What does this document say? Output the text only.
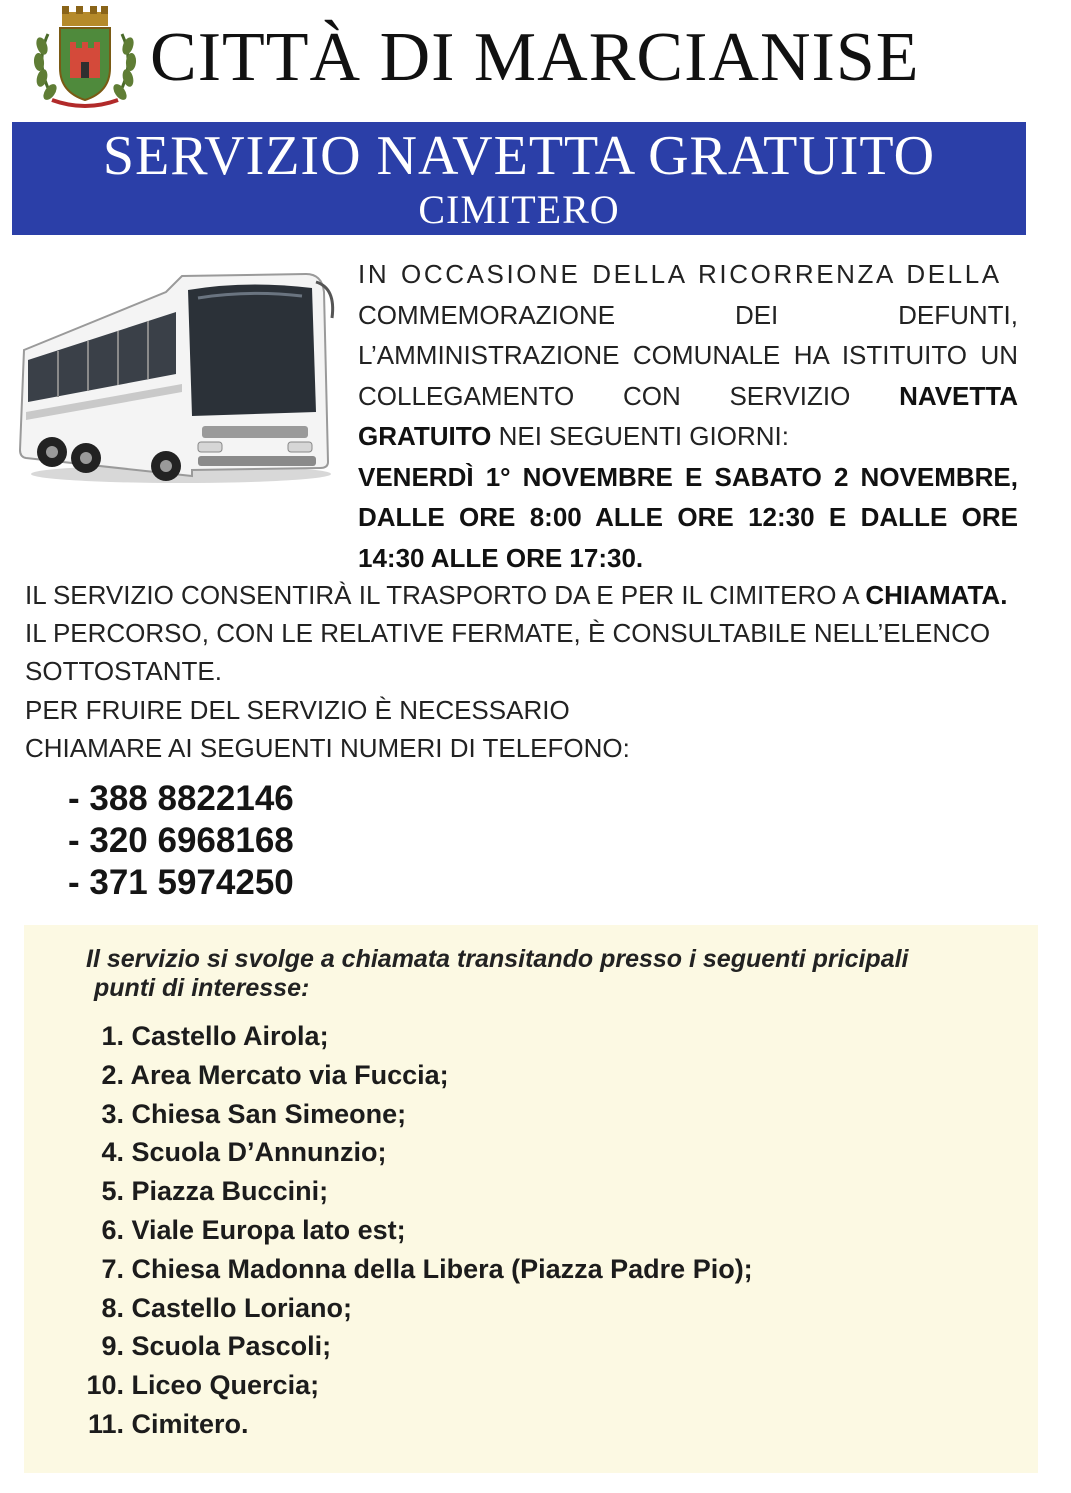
CITTÀ DI MARCIANISE
SERVIZIO NAVETTA GRATUITO
CIMITERO
IN OCCASIONE DELLA RICORRENZA DELLA
COMMEMORAZIONE DEI DEFUNTI, L’AMMINISTRAZIONE COMUNALE HA ISTITUITO UN COLLEGAMENTO CON SERVIZIO NAVETTA GRATUITO NEI SEGUENTI GIORNI:
VENERDÌ 1° NOVEMBRE E SABATO 2 NOVEMBRE, DALLE ORE 8:00 ALLE ORE 12:30 E DALLE ORE 14:30 ALLE ORE 17:30.

IL SERVIZIO CONSENTIRÀ IL TRASPORTO DA E PER IL CIMITERO A CHIAMATA.

IL PERCORSO, CON LE RELATIVE FERMATE, È CONSULTABILE NELL’ELENCO SOTTOSTANTE.

PER FRUIRE DEL SERVIZIO È NECESSARIO

CHIAMARE AI SEGUENTI NUMERI DI TELEFONO:

- 388 8822146
- 320 6968168
- 371 5974250
Il servizio si svolge a chiamata transitando presso i seguenti pricipali
punti di interesse:
1. Castello Airola;
2. Area Mercato via Fuccia;
3. Chiesa San Simeone;
4. Scuola D’Annunzio;
5. Piazza Buccini;
6. Viale Europa lato est;
7. Chiesa Madonna della Libera (Piazza Padre Pio);
8. Castello Loriano;
9. Scuola Pascoli;
10. Liceo Quercia;
11. Cimitero.
